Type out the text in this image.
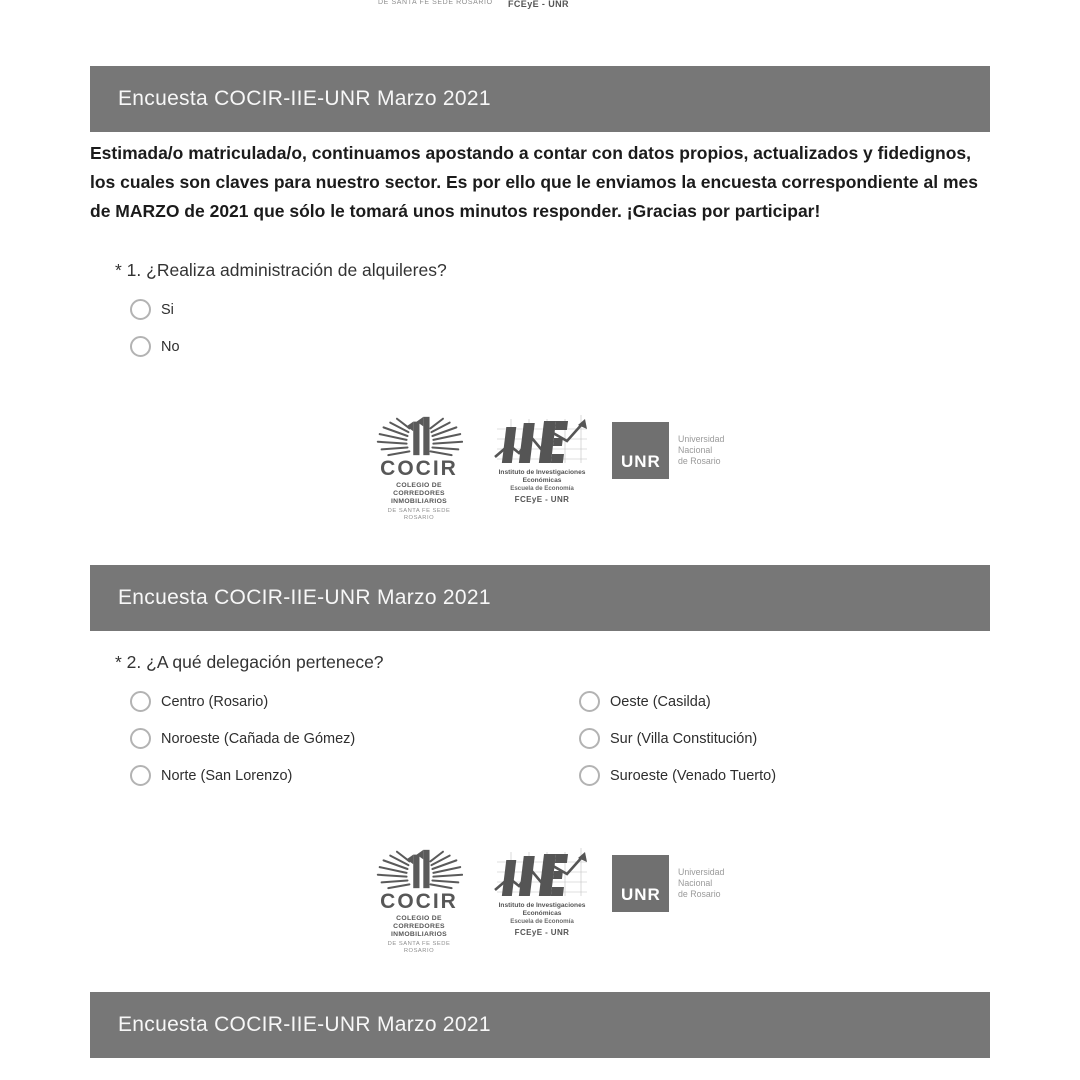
DE SANTA FE SEDE ROSARIO FCEyE - UNR
Encuesta COCIR-IIE-UNR Marzo 2021

Estimada/o matriculada/o, continuamos apostando a contar con datos propios, actualizados y fidedignos, los cuales son claves para nuestro sector. Es por ello que le enviamos la encuesta correspondiente al mes de MARZO de 2021 que sólo le tomará unos minutos responder. ¡Gracias por participar!

* 1. ¿Realiza administración de alquileres?
Si
No
COCIR
COLEGIO DE CORREDORES
INMOBILIARIOS
DE SANTA FE SEDE ROSARIO
Instituto de Investigaciones Económicas
Escuela de Economía
FCEyE - UNR
UNR
Universidad
Nacional
de Rosario
Encuesta COCIR-IIE-UNR Marzo 2021
* 2. ¿A qué delegación pertenece?
Centro (Rosario)
Noroeste (Cañada de Gómez)
Norte (San Lorenzo)
Oeste (Casilda)
Sur (Villa Constitución)
Suroeste (Venado Tuerto)
COCIR
COLEGIO DE CORREDORES
INMOBILIARIOS
DE SANTA FE SEDE ROSARIO
Instituto de Investigaciones Económicas
Escuela de Economía
FCEyE - UNR
UNR
Universidad
Nacional
de Rosario
Encuesta COCIR-IIE-UNR Marzo 2021
